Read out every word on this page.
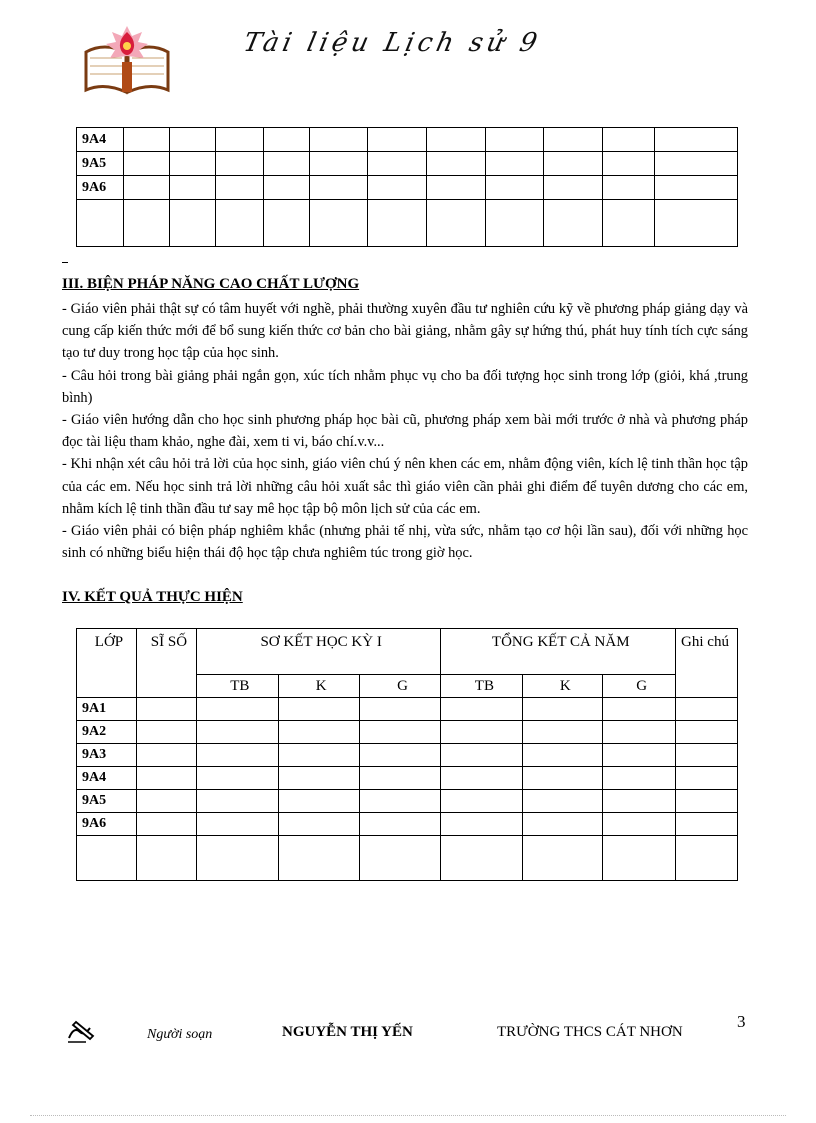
Tài liệu Lịch sử 9
9A4											
9A5											
9A6											

III. BIỆN PHÁP NĂNG CAO CHẤT LƯỢNG

- Giáo viên phải thật sự có tâm huyết với nghề, phải thường xuyên đầu tư nghiên cứu kỹ về phương pháp giảng dạy và cung cấp kiến thức mới để bổ sung kiến thức cơ bản cho bài giảng, nhằm gây sự hứng thú, phát huy tính tích cực sáng tạo tư duy trong học tập của học sinh.

- Câu hỏi trong bài giảng phải ngắn gọn, xúc tích nhằm phục vụ cho ba đối tượng học sinh trong lớp (giỏi, khá ,trung bình)

- Giáo viên hướng dẫn cho học sinh phương pháp học bài cũ, phương pháp xem bài mới trước ở nhà và phương pháp đọc tài liệu tham khảo, nghe đài, xem ti vi, báo chí.v.v...

- Khi nhận xét câu hỏi trả lời của học sinh, giáo viên chú ý nên khen các em, nhằm động viên, kích lệ tinh thần học tập của các em. Nếu học sinh trả lời những câu hỏi xuất sắc thì giáo viên cần phải ghi điểm để tuyên dương cho các em, nhằm kích lệ tinh thần đầu tư say mê học tập bộ môn lịch sử của các em.

- Giáo viên phải có biện pháp nghiêm khắc (nhưng phải tế nhị, vừa sức, nhằm tạo cơ hội lần sau), đối với những học sinh có những biểu hiện thái độ học tập chưa nghiêm túc trong giờ học.

IV. KẾT QUẢ THỰC HIỆN
LỚP	SĨ SỐ	SƠ KẾT HỌC KỲ I			TỔNG KẾT CẢ NĂM			Ghi chú
		TB	K	G	TB	K	G	
9A1								
9A2								
9A3								
9A4								
9A5								
9A6								

Người soạn	NGUYỄN THỊ YẾN	TRƯỜNG THCS CÁT NHƠN
3
